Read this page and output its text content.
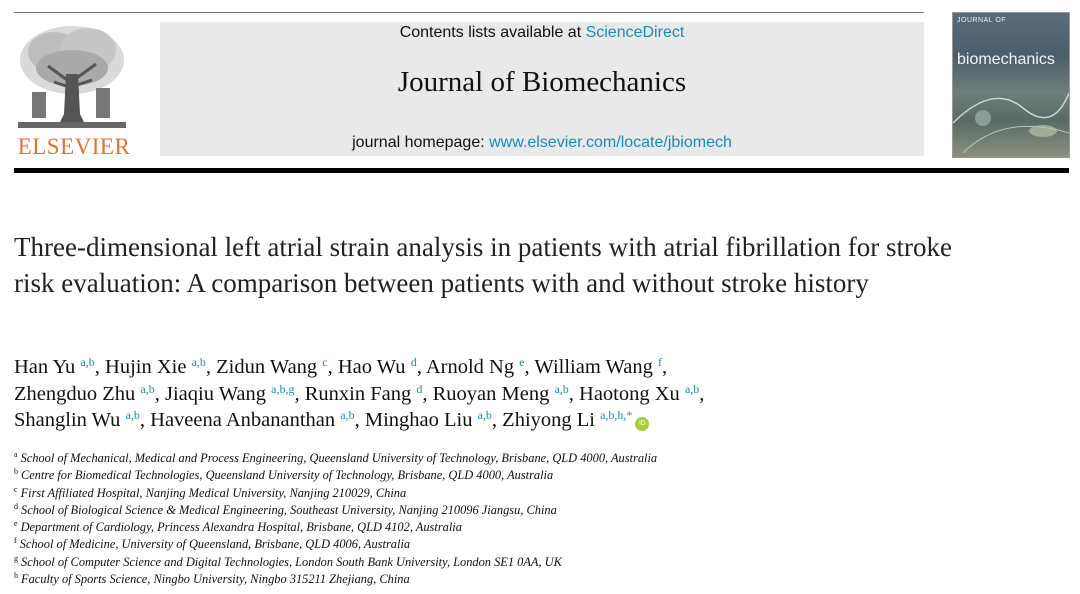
ELSEVIER
Contents lists available at ScienceDirect
Journal of Biomechanics
journal homepage: www.elsevier.com/locate/jbiomech
JOURNAL OF
biomechanics
Three-dimensional left atrial strain analysis in patients with atrial fibrillation for stroke risk evaluation: A comparison between patients with and without stroke history
Han Yu $^{a,b}$, Hujin Xie $^{a,b}$, Zidun Wang $^c$, Hao Wu $^d$, Arnold Ng $^e$, William Wang $^f$,
Zhengduo Zhu $^{a,b}$, Jiaqiu Wang $^{a,b,g}$, Runxin Fang $^d$, Ruoyan Meng $^{a,b}$, Haotong Xu $^{a,b}$,
Shanglin Wu $^{a,b}$, Haveena Anbananthan $^{a,b}$, Minghao Liu $^{a,b}$, Zhiyong Li $^{a,b,h,*}$iD
$^a$ School of Mechanical, Medical and Process Engineering, Queensland University of Technology, Brisbane, QLD 4000, Australia
$^b$ Centre for Biomedical Technologies, Queensland University of Technology, Brisbane, QLD 4000, Australia
$^c$ First Affiliated Hospital, Nanjing Medical University, Nanjing 210029, China
$^d$ School of Biological Science & Medical Engineering, Southeast University, Nanjing 210096 Jiangsu, China
$^e$ Department of Cardiology, Princess Alexandra Hospital, Brisbane, QLD 4102, Australia
$^f$ School of Medicine, University of Queensland, Brisbane, QLD 4006, Australia
$^g$ School of Computer Science and Digital Technologies, London South Bank University, London SE1 0AA, UK
$^h$ Faculty of Sports Science, Ningbo University, Ningbo 315211 Zhejiang, China
